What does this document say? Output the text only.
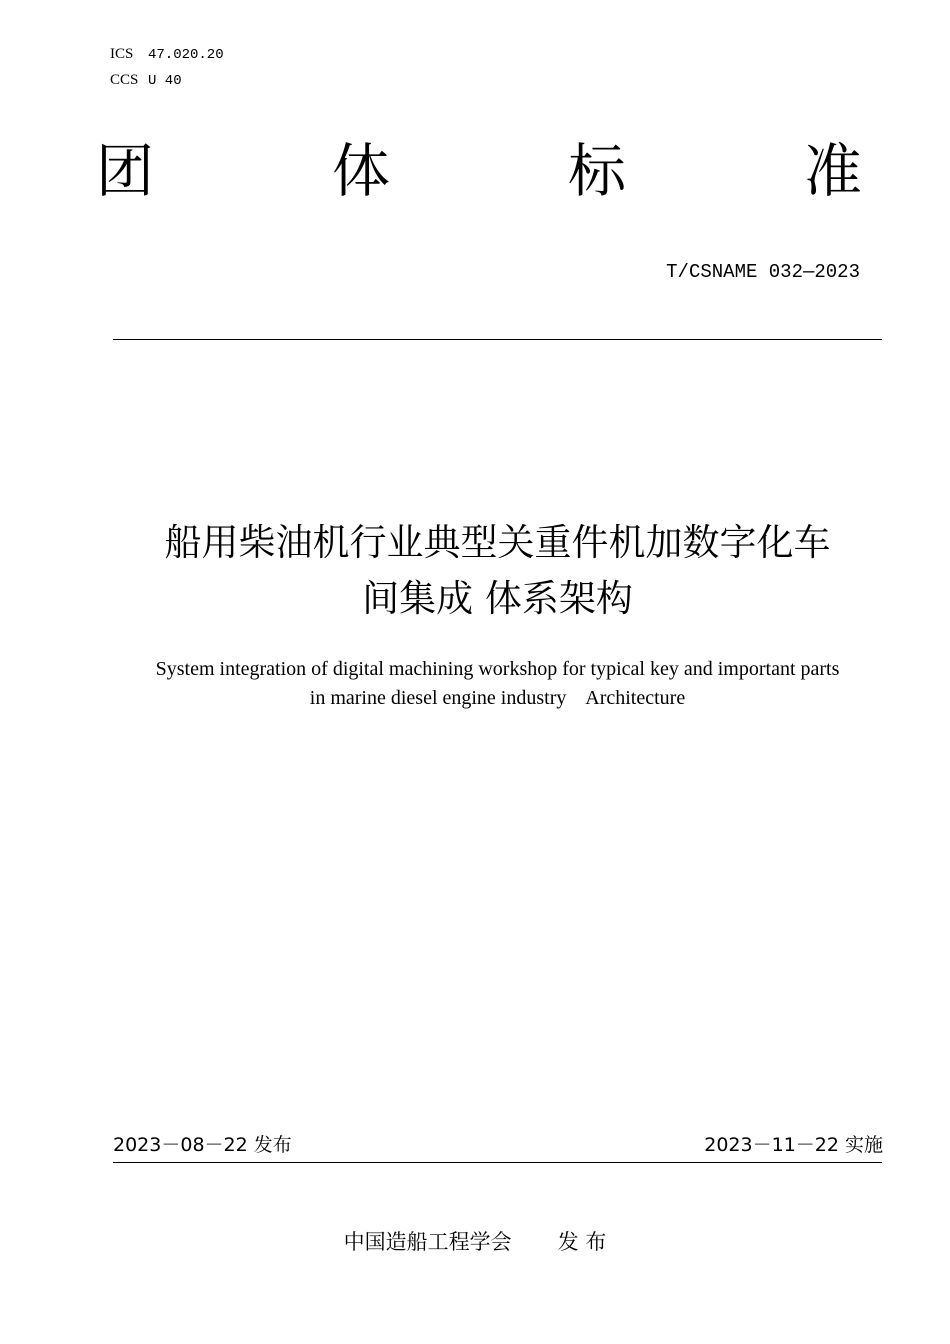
ICS 47.020.20
CCS U 40
团	体	标	准
T/CSNAME 032—2023
船用柴油机行业典型关重件机加数字化车
间集成 体系架构
System integration of digital machining workshop for typical key and important parts
in marine diesel engine industry    Architecture
2023－08－22 发布	2023－11－22 实施
中国造船工程学会 发 布
